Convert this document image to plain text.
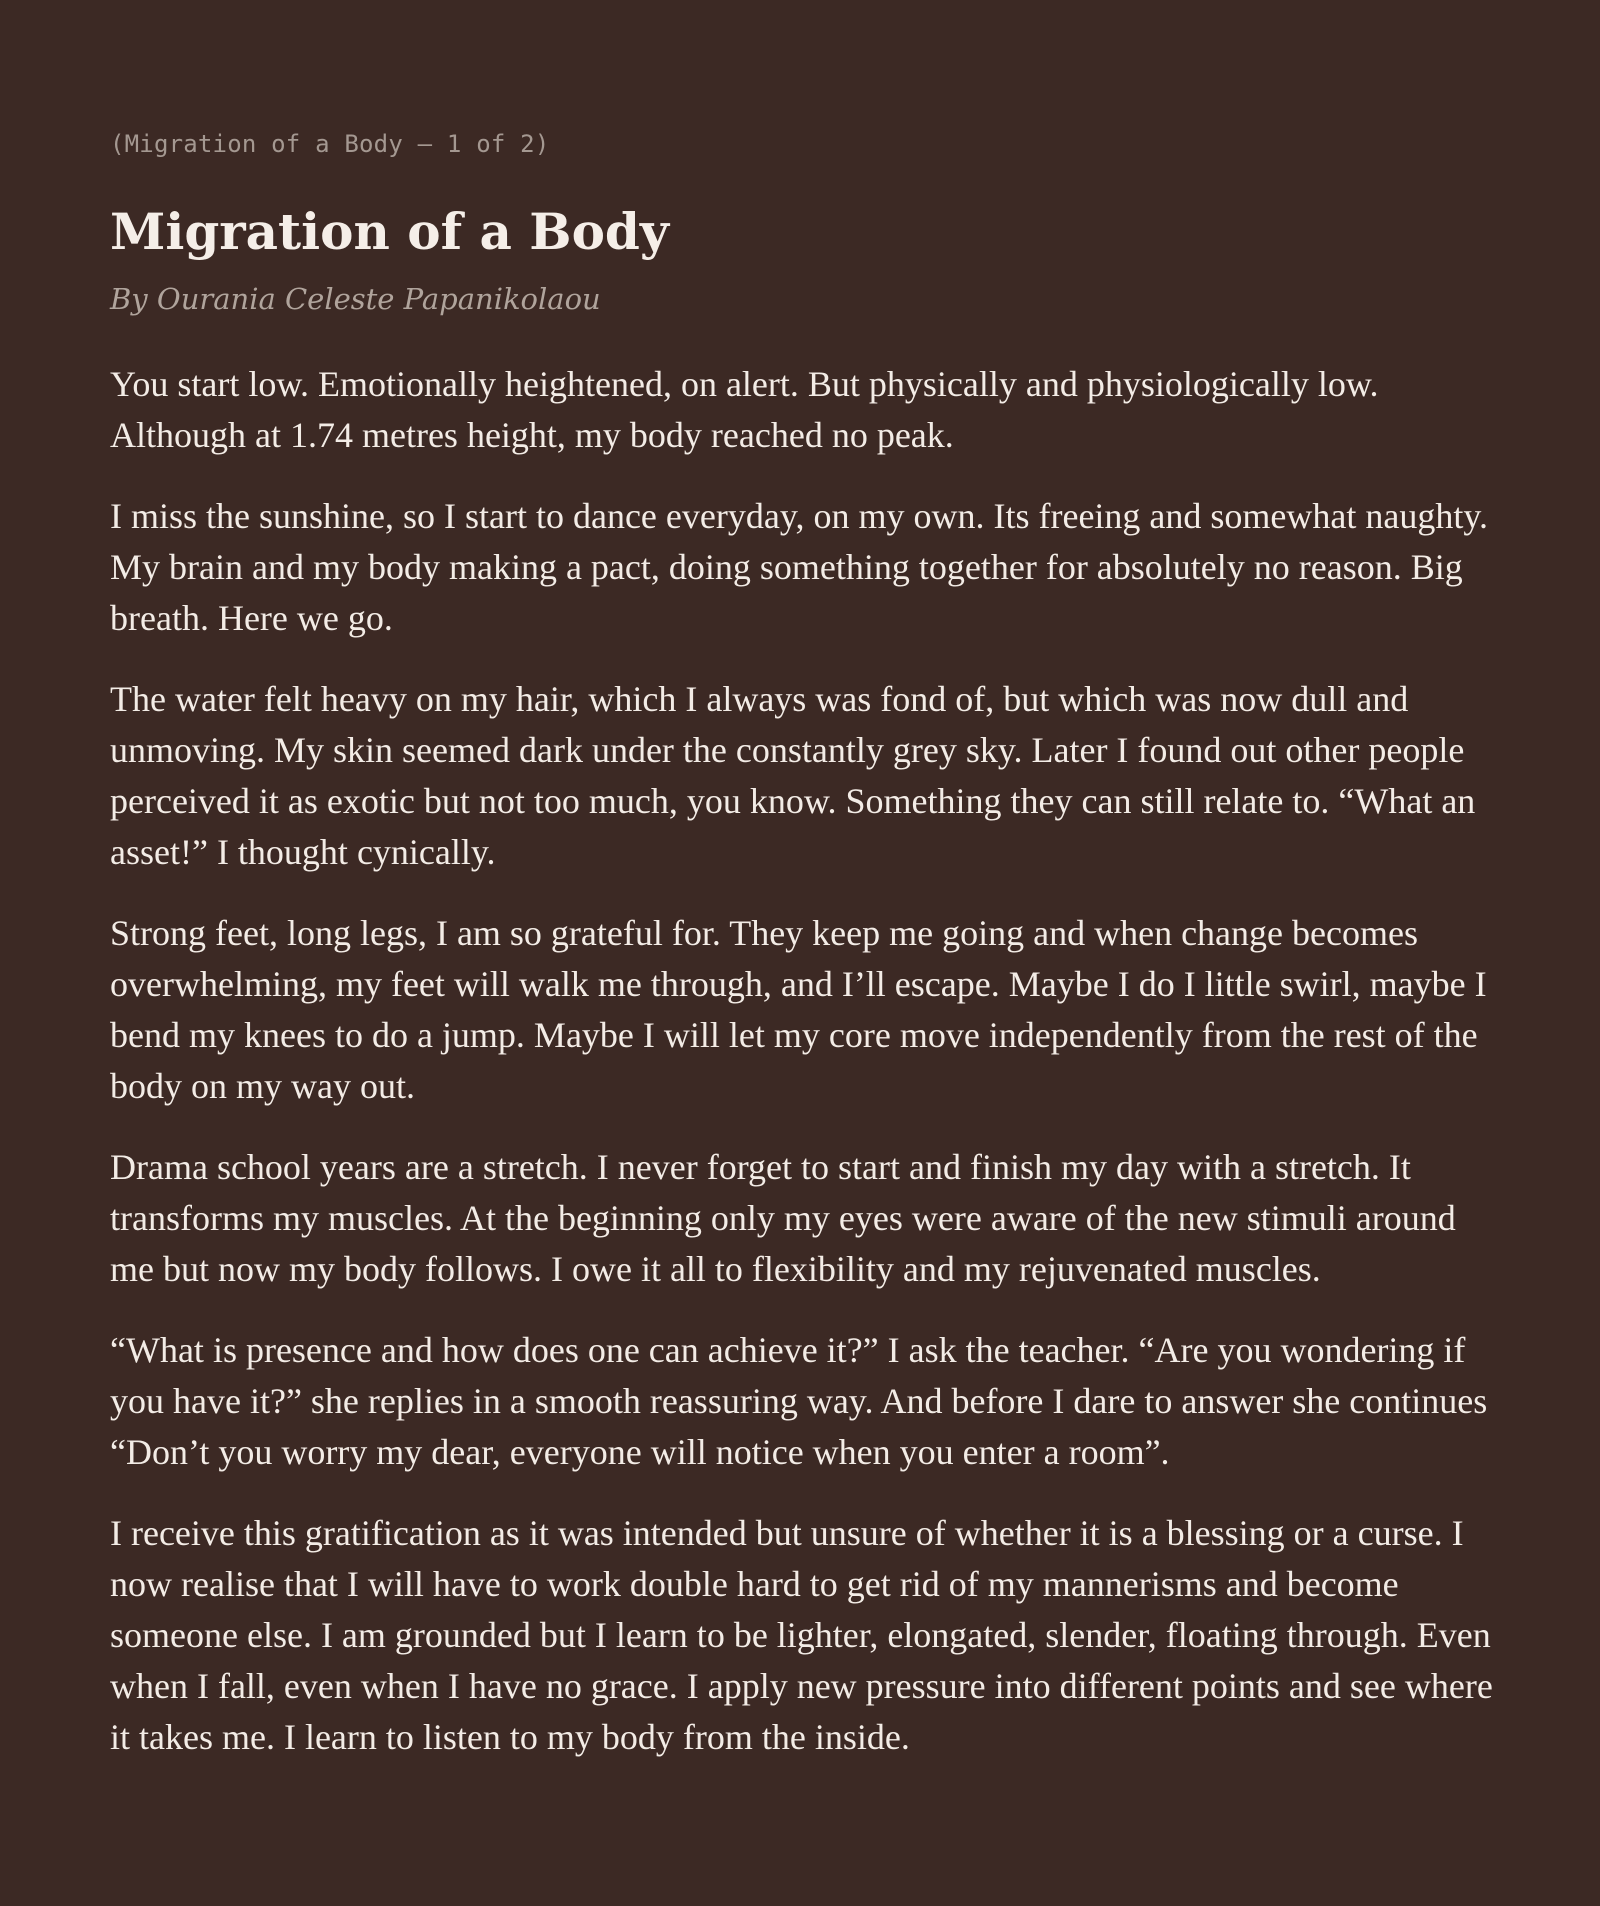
(Migration of a Body — 1 of 2)

Migration of a Body

By Ourania Celeste Papanikolaou

You start low. Emotionally heightened, on alert. But physically and physiologically low. Although at 1.74 metres height, my body reached no peak.

I miss the sunshine, so I start to dance everyday, on my own. Its freeing and somewhat naughty. My brain and my body making a pact, doing something together for absolutely no reason. Big breath. Here we go.

The water felt heavy on my hair, which I always was fond of, but which was now dull and unmoving. My skin seemed dark under the constantly grey sky. Later I found out other people perceived it as exotic but not too much, you know. Something they can still relate to. “What an asset!” I thought cynically.

Strong feet, long legs, I am so grateful for. They keep me going and when change becomes overwhelming, my feet will walk me through, and I’ll escape. Maybe I do I little swirl, maybe I bend my knees to do a jump. Maybe I will let my core move independently from the rest of the body on my way out.

Drama school years are a stretch. I never forget to start and finish my day with a stretch. It transforms my muscles. At the beginning only my eyes were aware of the new stimuli around me but now my body follows. I owe it all to flexibility and my rejuvenated muscles.

“What is presence and how does one can achieve it?” I ask the teacher. “Are you wondering if you have it?” she replies in a smooth reassuring way. And before I dare to answer she continues “Don’t you worry my dear, everyone will notice when you enter a room”.

I receive this gratification as it was intended but unsure of whether it is a blessing or a curse. I now realise that I will have to work double hard to get rid of my mannerisms and become someone else. I am grounded but I learn to be lighter, elongated, slender, floating through. Even when I fall, even when I have no grace. I apply new pressure into different points and see where it takes me. I learn to listen to my body from the inside.
